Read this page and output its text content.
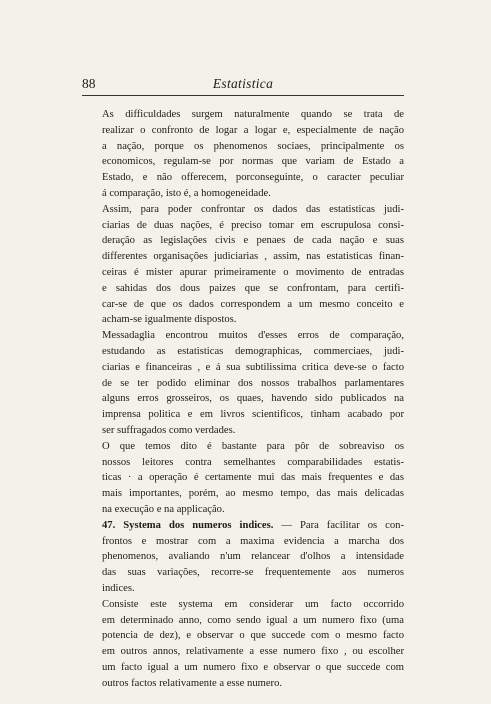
88	Estatistica

As difficuldades surgem naturalmente quando se trata de
realizar o confronto de logar a logar e, especialmente de nação
a nação, porque os phenomenos sociaes, principalmente os
economicos, regulam-se por normas que variam de Estado a
Estado, e não offerecem, porconseguinte, o caracter peculiar
á comparação, isto é, a homogeneidade.

Assim, para poder confrontar os dados das estatisticas judi-
ciarias de duas nações, é preciso tomar em escrupulosa consi-
deração as legislações civis e penaes de cada nação e suas
differentes organisações judiciarias , assim, nas estatisticas finan-
ceiras é mister apurar primeiramente o movimento de entradas
e sahidas dos dous paizes que se confrontam, para certifi-
car-se de que os dados correspondem a um mesmo conceito e
acham-se igualmente dispostos.

Messadaglia encontrou muitos d'esses erros de comparação,
estudando as estatisticas demographicas, commerciaes, judi-
ciarias e financeiras , e á sua subtilissima critica deve-se o facto
de se ter podido eliminar dos nossos trabalhos parlamentares
alguns erros grosseiros, os quaes, havendo sido publicados na
imprensa politica e em livros scientificos, tinham acabado por
ser suffragados como verdades.

O que temos dito é bastante para pôr de sobreaviso os
nossos leitores contra semelhantes comparabilidades estatis-
ticas · a operação é certamente mui das mais frequentes e das
mais importantes, porém, ao mesmo tempo, das mais delicadas
na execução e na applicação.

47. Systema dos numeros indices. — Para facilitar os con-
frontos e mostrar com a maxima evidencia a marcha dos
phenomenos, avaliando n'um relancear d'olhos a intensidade
das suas variações, recorre-se frequentemente aos numeros
indices.

Consiste este systema em considerar um facto occorrido
em determinado anno, como sendo igual a um numero fixo (uma
potencia de dez), e observar o que succede com o mesmo facto
em outros annos, relativamente a esse numero fixo , ou escolher
um facto igual a um numero fixo e observar o que succede com
outros factos relativamente a esse numero.
